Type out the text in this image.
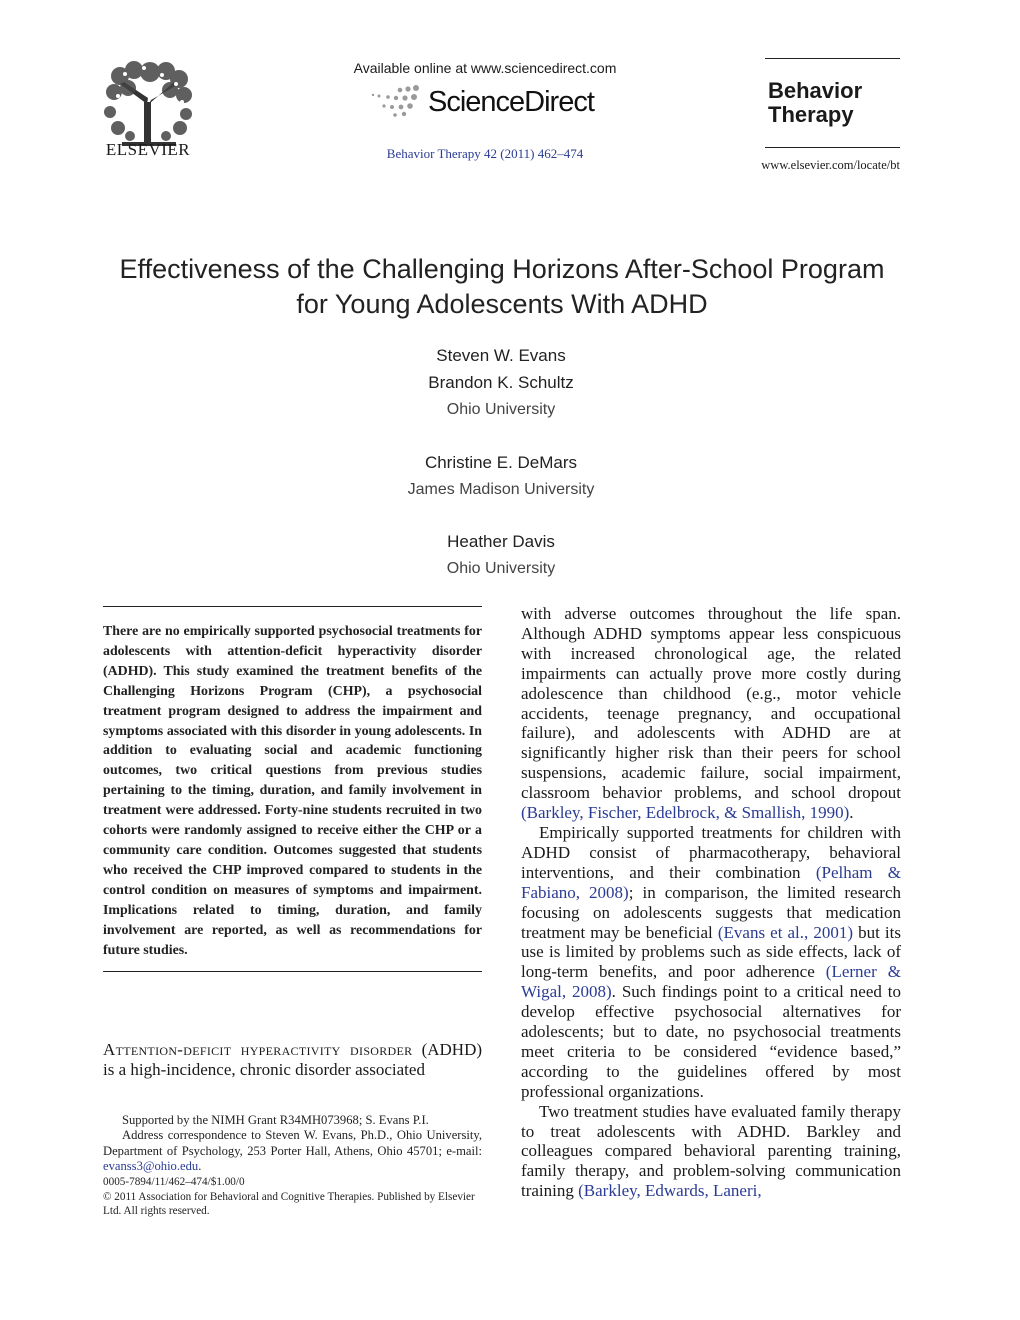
ELSEVIER
Available online at www.sciencedirect.com
ScienceDirect
Behavior Therapy 42 (2011) 462–474
Behavior
Therapy
www.elsevier.com/locate/bt
Effectiveness of the Challenging Horizons After-School Program
for Young Adolescents With ADHD
Steven W. Evans
Brandon K. Schultz
Ohio University
Christine E. DeMars
James Madison University
Heather Davis
Ohio University
There are no empirically supported psychosocial treatments for adolescents with attention-deficit hyperactivity disorder (ADHD). This study examined the treatment benefits of the Challenging Horizons Program (CHP), a psychosocial treatment program designed to address the impairment and symptoms associated with this disorder in young adolescents. In addition to evaluating social and academic functioning outcomes, two critical questions from previous studies pertaining to the timing, duration, and family involvement in treatment were addressed. Forty-nine students recruited in two cohorts were randomly assigned to receive either the CHP or a community care condition. Outcomes suggested that students who received the CHP improved compared to students in the control condition on measures of symptoms and impairment. Implications related to timing, duration, and family involvement are reported, as well as recommendations for future studies.
Attention-deficit hyperactivity disorder (ADHD) is a high-incidence, chronic disorder associated

Supported by the NIMH Grant R34MH073968; S. Evans P.I.

Address correspondence to Steven W. Evans, Ph.D., Ohio University, Department of Psychology, 253 Porter Hall, Athens, Ohio 45701; e-mail: evanss3@ohio.edu.

0005-7894/11/462–474/$1.00/0
© 2011 Association for Behavioral and Cognitive Therapies. Published by Elsevier Ltd. All rights reserved.

with adverse outcomes throughout the life span. Although ADHD symptoms appear less conspicuous with increased chronological age, the related impairments can actually prove more costly during adolescence than childhood (e.g., motor vehicle accidents, teenage pregnancy, and occupational failure), and adolescents with ADHD are at significantly higher risk than their peers for school suspensions, academic failure, social impairment, classroom behavior problems, and school dropout (Barkley, Fischer, Edelbrock, & Smallish, 1990).

Empirically supported treatments for children with ADHD consist of pharmacotherapy, behavioral interventions, and their combination (Pelham & Fabiano, 2008); in comparison, the limited research focusing on adolescents suggests that medication treatment may be beneficial (Evans et al., 2001) but its use is limited by problems such as side effects, lack of long-term benefits, and poor adherence (Lerner & Wigal, 2008). Such findings point to a critical need to develop effective psychosocial alternatives for adolescents; but to date, no psychosocial treatments meet criteria to be considered “evidence based,” according to the guidelines offered by most professional organizations.

Two treatment studies have evaluated family therapy to treat adolescents with ADHD. Barkley and colleagues compared behavioral parenting training, family therapy, and problem-solving communication training (Barkley, Edwards, Laneri,
